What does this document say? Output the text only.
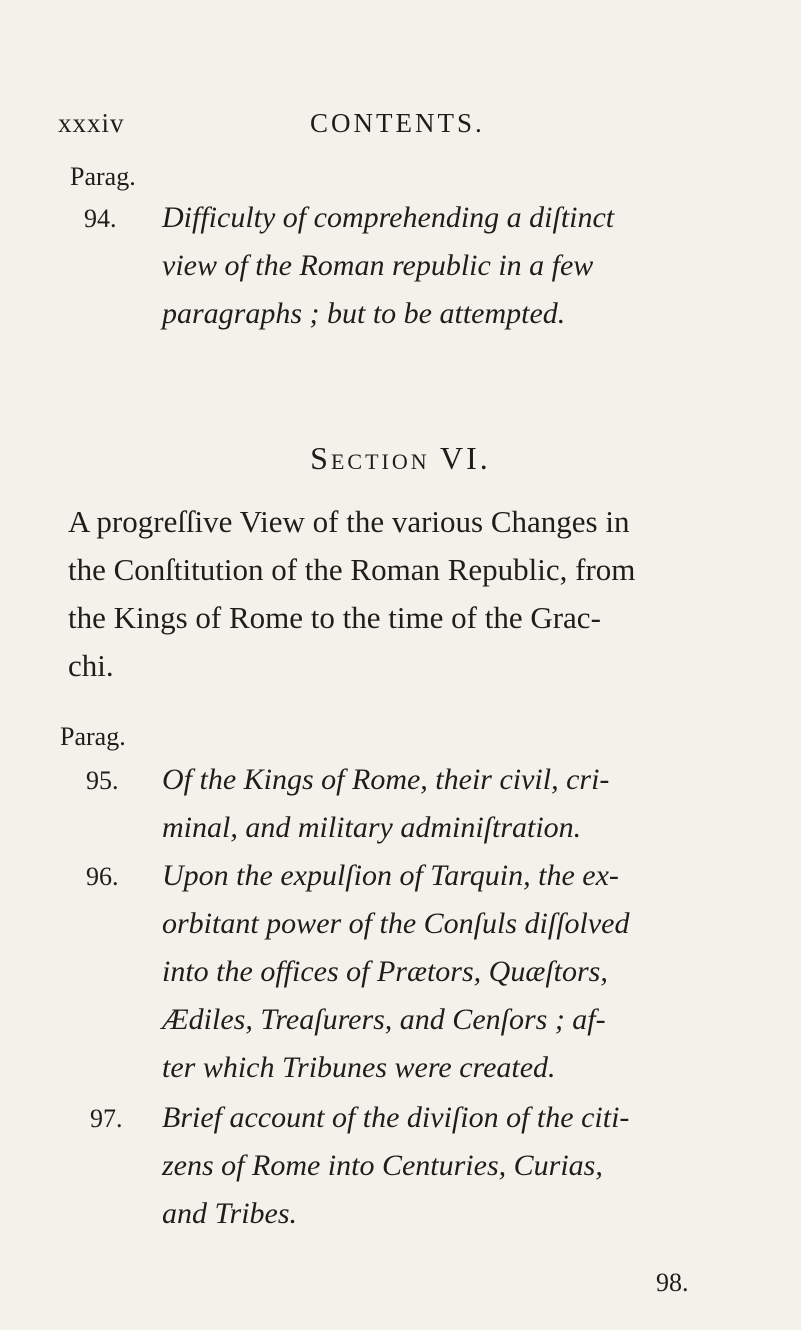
xxxiv	CONTENTS.
Parag.
94. Difficulty of comprehending a diſtinct
view of the Roman republic in a few
paragraphs ; but to be attempted.
Section VI.
A progreſſive View of the various Changes in
the Conſtitution of the Roman Republic, from
the Kings of Rome to the time of the Grac-
chi.
Parag.
95. Of the Kings of Rome, their civil, cri-
minal, and military adminiſtration.
96. Upon the expulſion of Tarquin, the ex-
orbitant power of the Conſuls diſſolved
into the offices of Prætors, Quæſtors,
Ædiles, Treaſurers, and Cenſors ; af-
ter which Tribunes were created.
97. Brief account of the diviſion of the citi-
zens of Rome into Centuries, Curias,
and Tribes.
98.
